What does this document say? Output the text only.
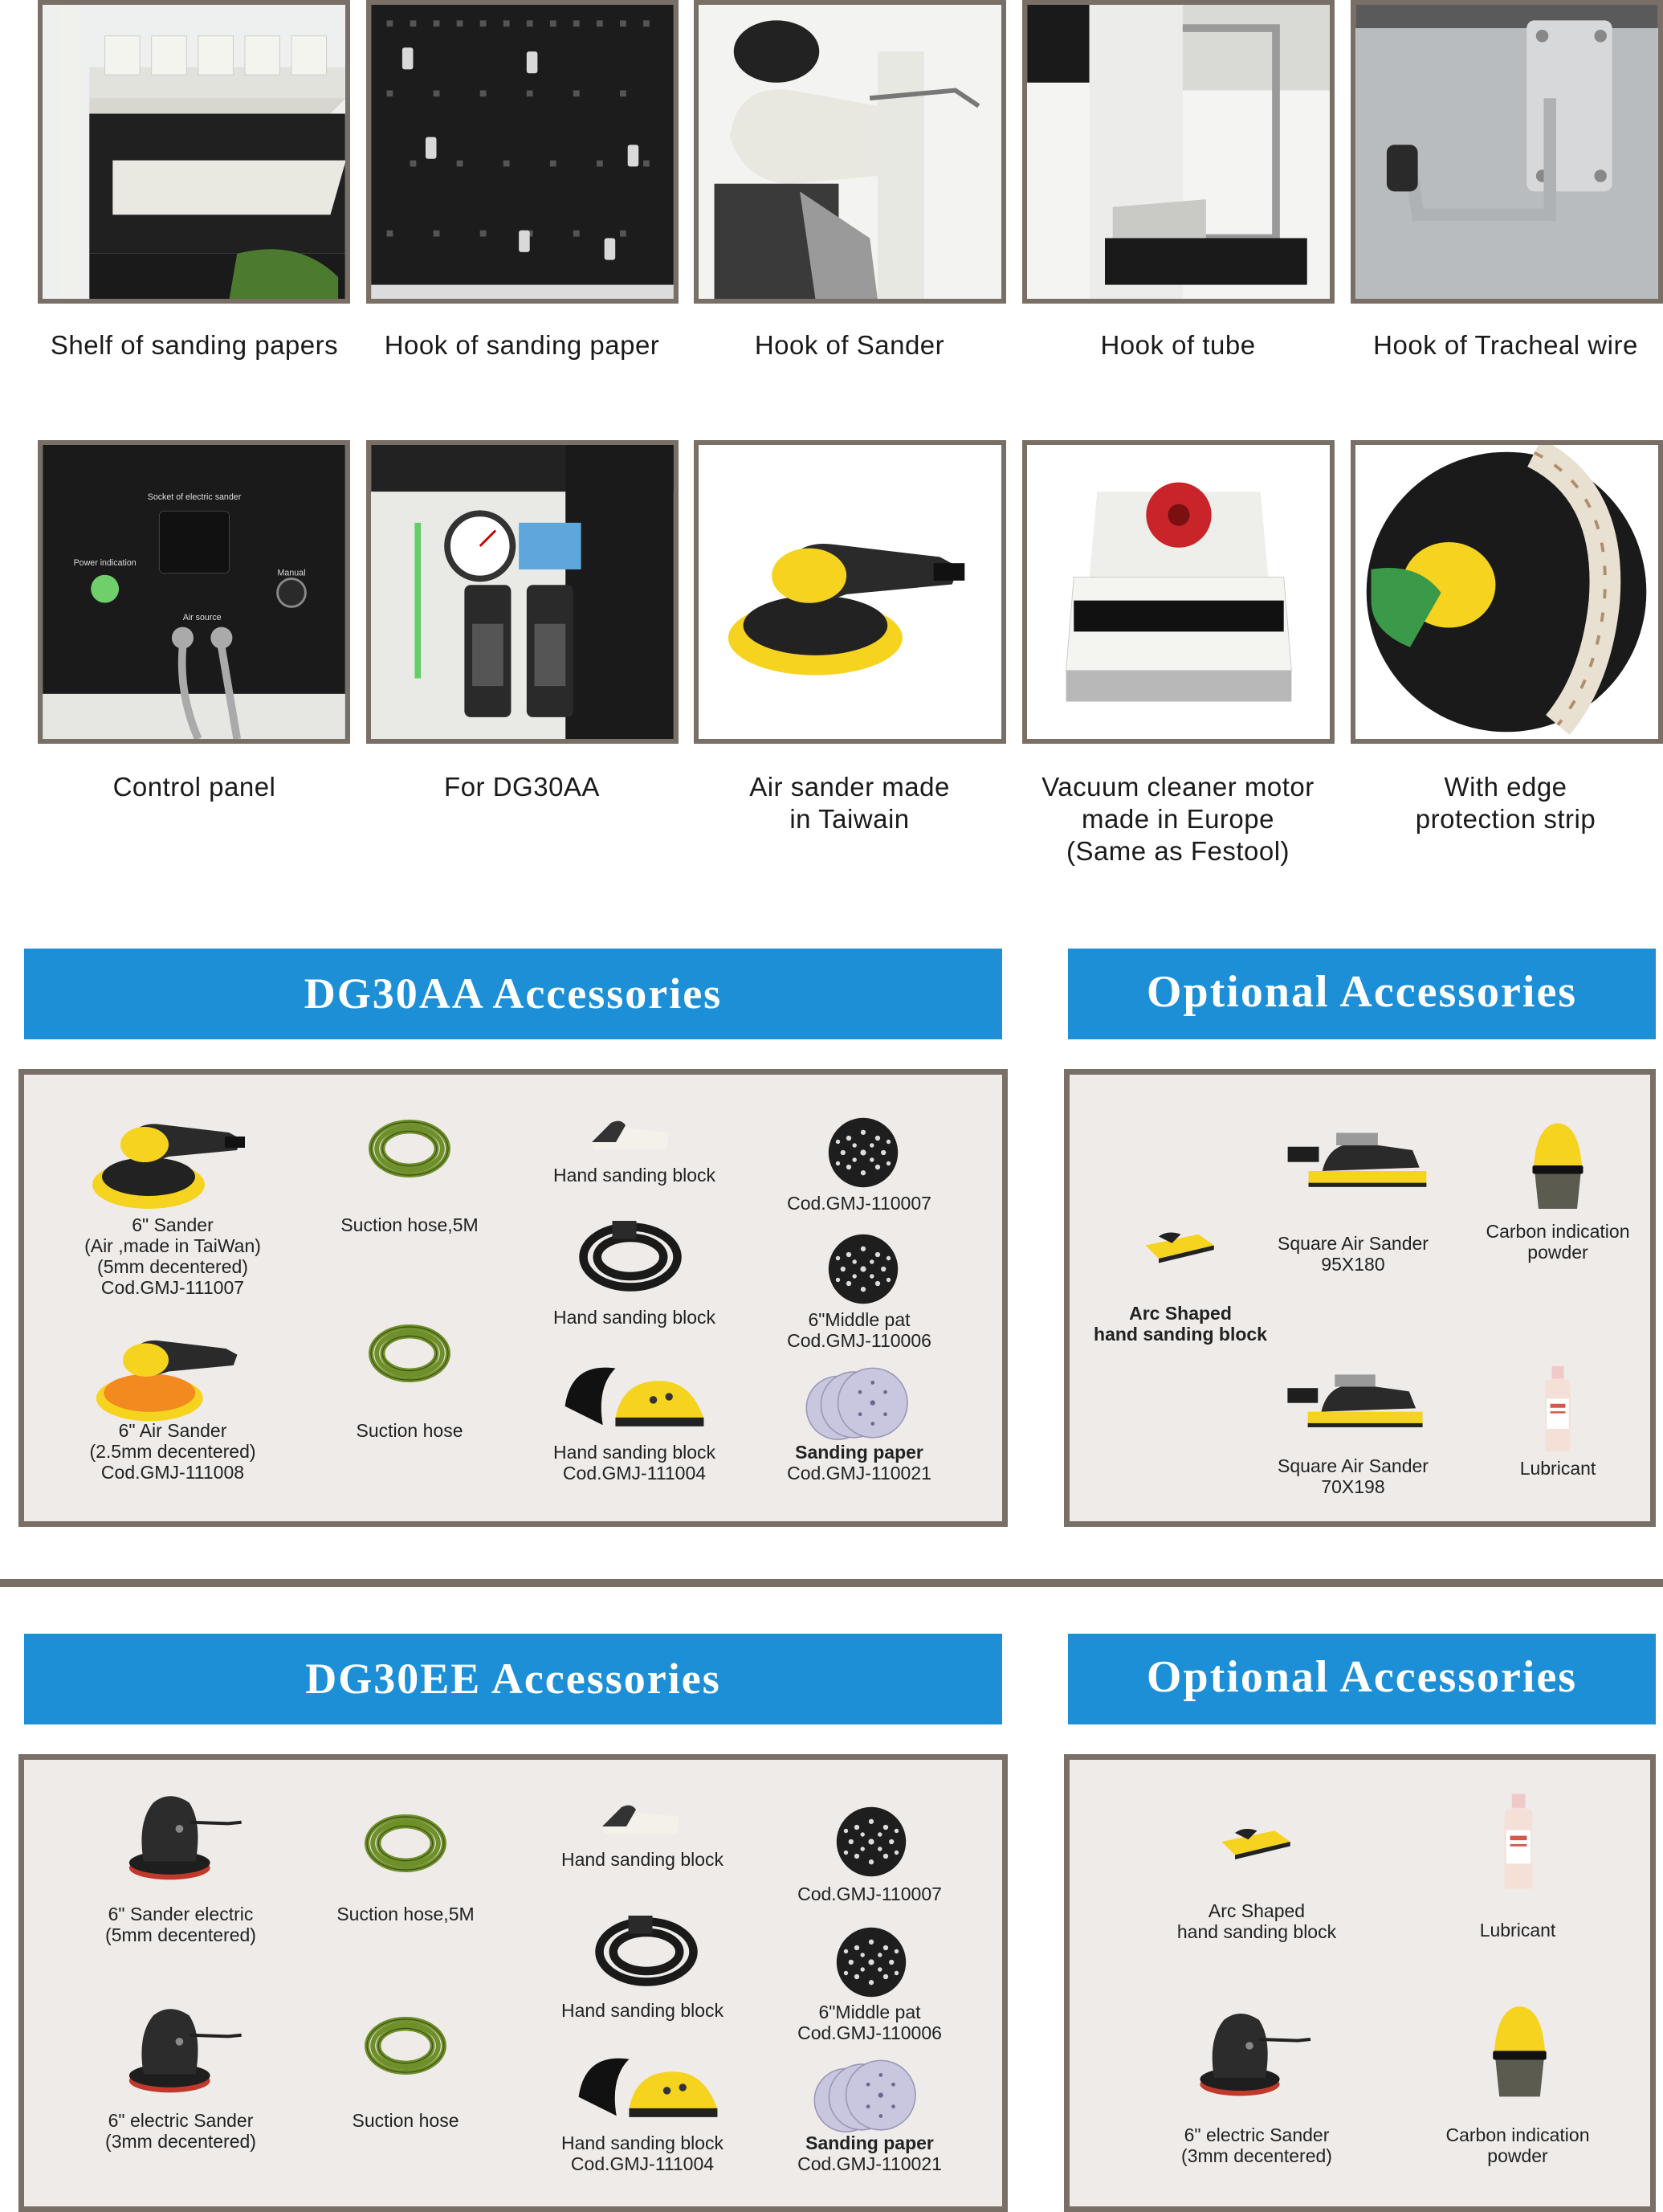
Shelf of sanding papers	Hook of sanding paper	Hook of Sander	Hook of tube	Hook of Tracheal wire
Socket of electric sander
Power indication
Manual
Air source
Control panel	For DG30AA	Air sander made
in Taiwain
Vacuum cleaner motor
made in Europe
(Same as Festool)
With edge
protection strip
DG30AA Accessories	Optional Accessories
6" Sander
(Air ,made in TaiWan)
(5mm decentered)
Cod.GMJ-111007
Suction hose,5M
Hand sanding block
Cod.GMJ-110007
Hand sanding block	6"Middle pat
Cod.GMJ-110006
6" Air Sander
(2.5mm decentered)
Cod.GMJ-111008
Suction hose
Hand sanding block
Cod.GMJ-111004
Sanding paper
Cod.GMJ-110021
Arc Shaped
hand sanding block
Square Air Sander
95X180
Carbon indication
powder
Square Air Sander
70X198
Lubricant
DG30EE Accessories	Optional Accessories
6" Sander electric
(5mm decentered)
Suction hose,5M
Hand sanding block
Cod.GMJ-110007
Hand sanding block	6"Middle pat
Cod.GMJ-110006
6" electric Sander
(3mm decentered)
Suction hose
Hand sanding block
Cod.GMJ-111004
Sanding paper
Cod.GMJ-110021
Arc Shaped
hand sanding block	Lubricant
6" electric Sander
(3mm decentered)
Carbon indication
powder
